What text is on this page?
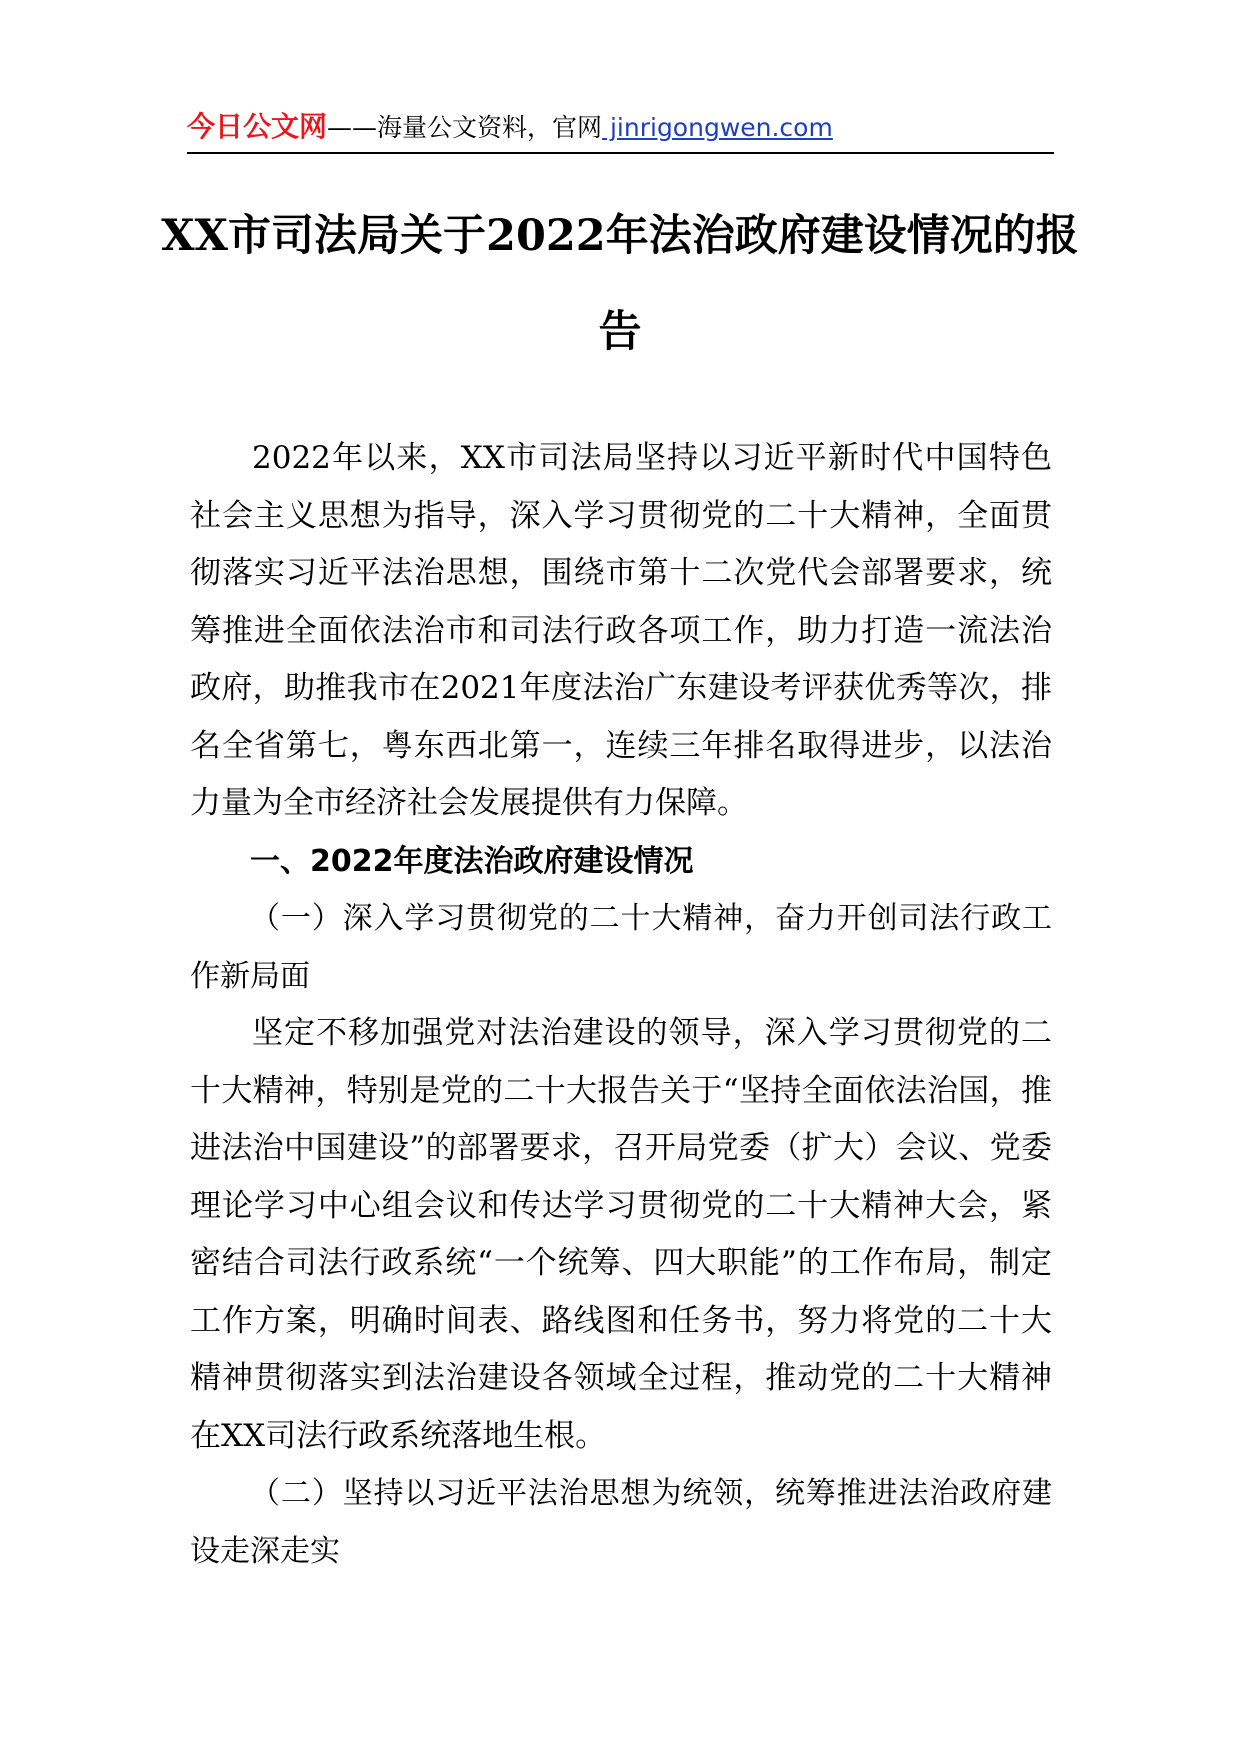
今日公文网——海量公文资料，官网 jinrigongwen.com
XX市司法局关于2022年法治政府建设情况的报告

2022年以来，XX市司法局坚持以习近平新时代中国特色社会主义思想为指导，深入学习贯彻党的二十大精神，全面贯彻落实习近平法治思想，围绕市第十二次党代会部署要求，统筹推进全面依法治市和司法行政各项工作，助力打造一流法治政府，助推我市在2021年度法治广东建设考评获优秀等次，排名全省第七，粤东西北第一，连续三年排名取得进步，以法治力量为全市经济社会发展提供有力保障。

一、2022年度法治政府建设情况

（一）深入学习贯彻党的二十大精神，奋力开创司法行政工作新局面

坚定不移加强党对法治建设的领导，深入学习贯彻党的二十大精神，特别是党的二十大报告关于“坚持全面依法治国，推进法治中国建设”的部署要求，召开局党委（扩大）会议、党委理论学习中心组会议和传达学习贯彻党的二十大精神大会，紧密结合司法行政系统“一个统筹、四大职能”的工作布局，制定工作方案，明确时间表、路线图和任务书，努力将党的二十大精神贯彻落实到法治建设各领域全过程，推动党的二十大精神在XX司法行政系统落地生根。

（二）坚持以习近平法治思想为统领，统筹推进法治政府建设走深走实
